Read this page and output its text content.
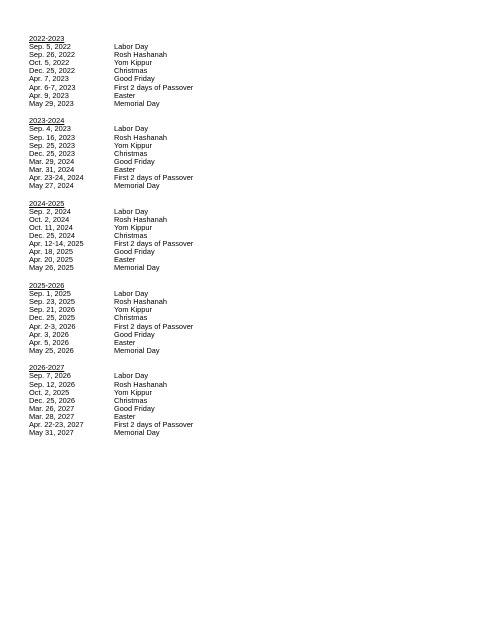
2022-2023
Sep. 5, 2022	Labor Day
Sep. 26, 2022	Rosh Hashanah
Oct. 5, 2022	Yom Kippur
Dec. 25, 2022	Christmas
Apr. 7, 2023	Good Friday
Apr. 6-7, 2023	First 2 days of Passover
Apr. 9, 2023	Easter
May 29, 2023	Memorial Day
2023-2024
Sep. 4, 2023	Labor Day
Sep. 16, 2023	Rosh Hashanah
Sep. 25, 2023	Yom Kippur
Dec. 25, 2023	Christmas
Mar. 29, 2024	Good Friday
Mar. 31, 2024	Easter
Apr. 23-24, 2024	First 2 days of Passover
May 27, 2024	Memorial Day
2024-2025
Sep. 2, 2024	Labor Day
Oct. 2, 2024	Rosh Hashanah
Oct. 11, 2024	Yom Kippur
Dec. 25, 2024	Christmas
Apr. 12-14, 2025	First 2 days of Passover
Apr. 18, 2025	Good Friday
Apr. 20, 2025	Easter
May 26, 2025	Memorial Day
2025-2026
Sep. 1, 2025	Labor Day
Sep. 23, 2025	Rosh Hashanah
Sep. 21, 2026	Yom Kippur
Dec. 25, 2025	Christmas
Apr. 2-3, 2026	First 2 days of Passover
Apr. 3, 2026	Good Friday
Apr. 5, 2026	Easter
May 25, 2026	Memorial Day
2026-2027
Sep. 7, 2026	Labor Day
Sep. 12, 2026	Rosh Hashanah
Oct. 2, 2025	Yom Kippur
Dec. 25, 2026	Christmas
Mar. 26, 2027	Good Friday
Mar. 28, 2027	Easter
Apr. 22-23, 2027	First 2 days of Passover
May 31, 2027	Memorial Day
